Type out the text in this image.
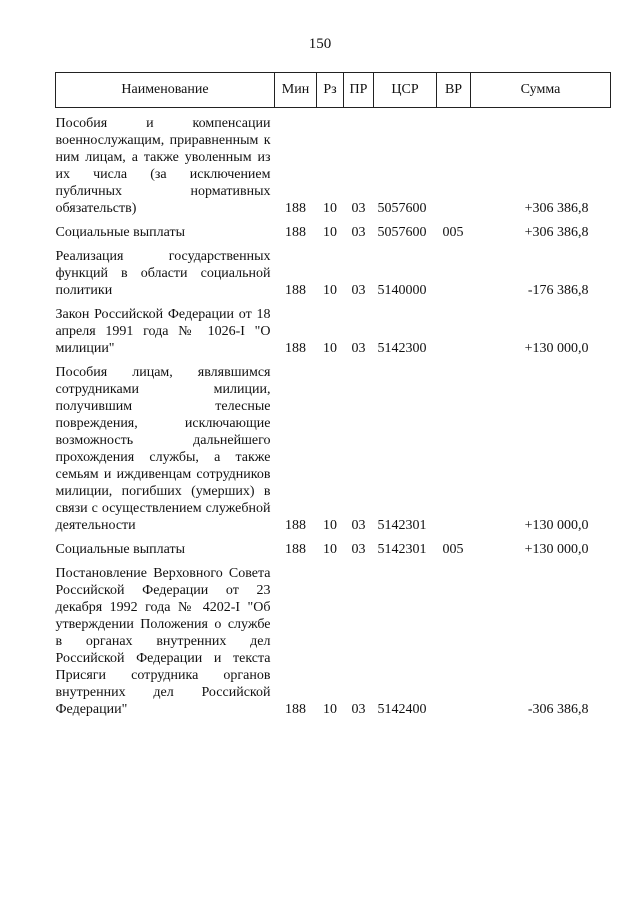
150
Наименование	Мин	Рз	ПР	ЦСР	ВР	Сумма

Пособия и компенсации военнослужащим, приравненным к ним лицам, а также уволенным из их числа (за исключением публичных нормативных обязательств)	188	10	03	5057600		+306 386,8

Социальные выплаты	188	10	03	5057600	005	+306 386,8

Реализация государственных функций в области социальной политики	188	10	03	5140000		-176 386,8

Закон Российской Федерации от 18 апреля 1991 года № 1026-I "О милиции"	188	10	03	5142300		+130 000,0

Пособия лицам, являвшимся сотрудниками милиции, получившим телесные повреждения, исключающие возможность дальнейшего прохождения службы, а также семьям и иждивенцам сотрудников милиции, погибших (умерших) в связи с осуществлением служебной деятельности	188	10	03	5142301		+130 000,0

Социальные выплаты	188	10	03	5142301	005	+130 000,0

Постановление Верховного Совета Российской Федерации от 23 декабря 1992 года № 4202-I "Об утверждении Положения о службе в органах внутренних дел Российской Федерации и текста Присяги сотрудника органов внутренних дел Российской Федерации"	188	10	03	5142400		-306 386,8
